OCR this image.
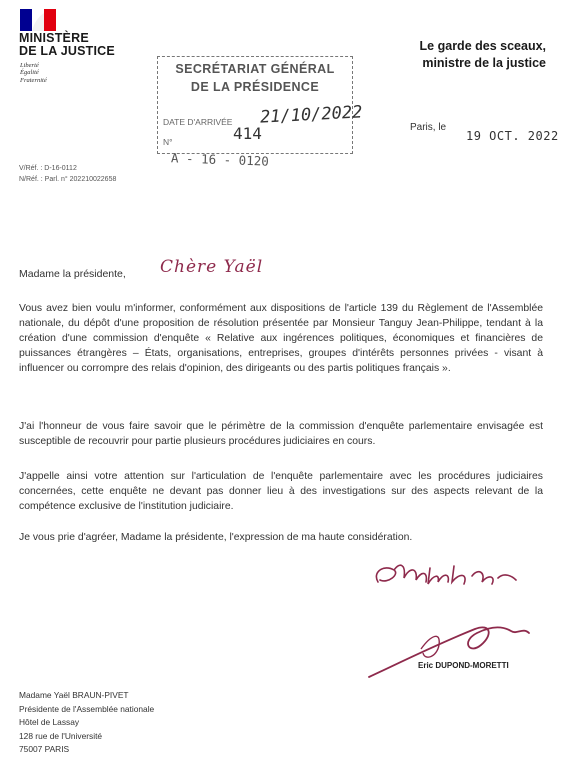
MINISTÈRE
DE LA JUSTICE
Liberté
Égalité
Fraternité
Le garde des sceaux,
ministre de la justice
SECRÉTARIAT GÉNÉRAL
DE LA PRÉSIDENCE
DATE D'ARRIVÉE
N°
21/10/2022
414
A - 16 - 0120
Paris, le
19 OCT. 2022
V/Réf. : D-16-0112
N/Réf. : Parl. n° 202210022658
Madame la présidente, Chère Yaël
Vous avez bien voulu m'informer, conformément aux dispositions de l'article 139 du Règlement de l'Assemblée nationale, du dépôt d'une proposition de résolution présentée par Monsieur Tanguy Jean-Philippe, tendant à la création d'une commission d'enquête « Relative aux ingérences politiques, économiques et financières de puissances étrangères – États, organisations, entreprises, groupes d'intérêts personnes privées - visant à influencer ou corrompre des relais d'opinion, des dirigeants ou des partis politiques français ».
J'ai l'honneur de vous faire savoir que le périmètre de la commission d'enquête parlementaire envisagée est susceptible de recouvrir pour partie plusieurs procédures judiciaires en cours.
J'appelle ainsi votre attention sur l'articulation de l'enquête parlementaire avec les procédures judiciaires concernées, cette enquête ne devant pas donner lieu à des investigations sur des aspects relevant de la compétence exclusive de l'institution judiciaire.
Je vous prie d'agréer, Madame la présidente, l'expression de ma haute considération.
Eric DUPOND-MORETTI
Madame Yaël BRAUN-PIVET
Présidente de l'Assemblée nationale
Hôtel de Lassay
128 rue de l'Université
75007 PARIS
